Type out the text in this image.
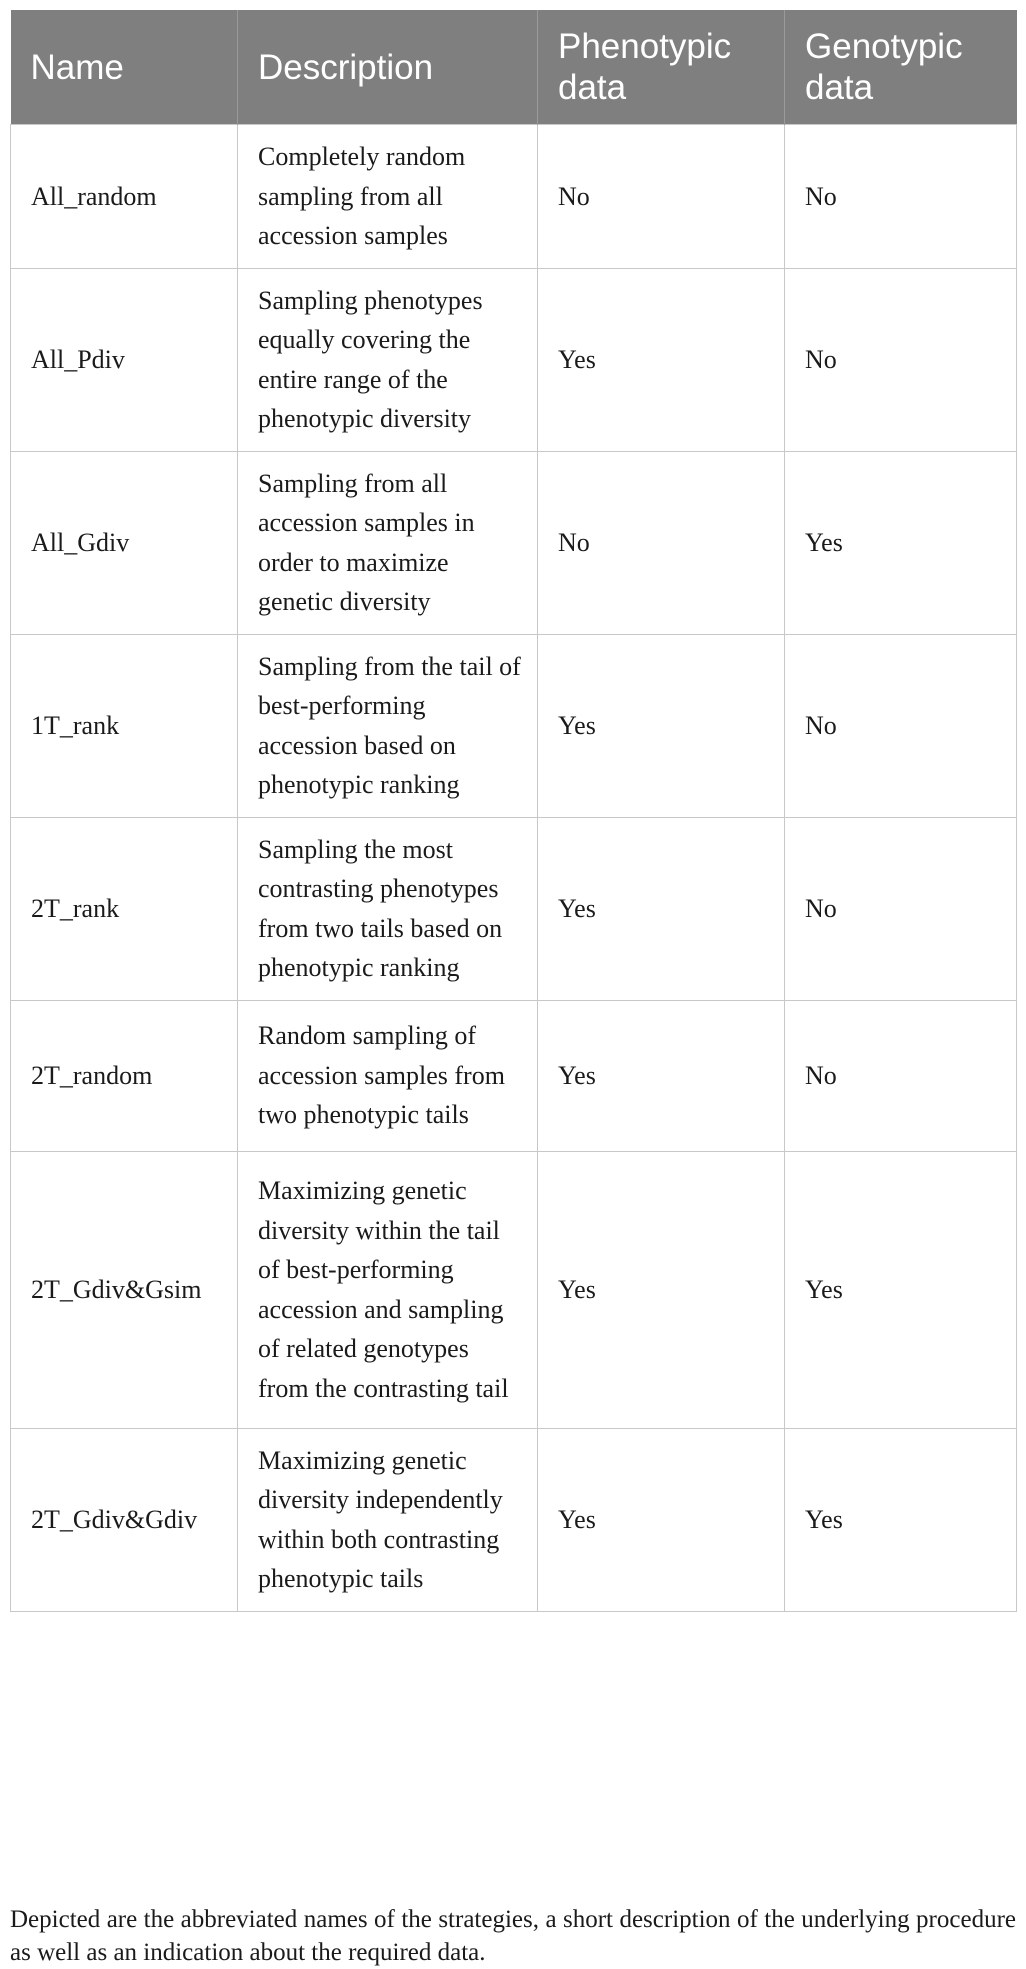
Name	Description	Phenotypic data	Genotypic data
All_random	Completely random sampling from all accession samples	No	No
All_Pdiv	Sampling phenotypes equally covering the entire range of the phenotypic diversity	Yes	No
All_Gdiv	Sampling from all accession samples in order to maximize genetic diversity	No	Yes
1T_rank	Sampling from the tail of best-performing accession based on phenotypic ranking	Yes	No
2T_rank	Sampling the most contrasting phenotypes from two tails based on phenotypic ranking	Yes	No
2T_random	Random sampling of accession samples from two phenotypic tails	Yes	No
2T_Gdiv&Gsim	Maximizing genetic diversity within the tail of best-performing accession and sampling of related genotypes from the contrasting tail	Yes	Yes
2T_Gdiv&Gdiv	Maximizing genetic diversity independently within both contrasting phenotypic tails	Yes	Yes

Depicted are the abbreviated names of the strategies, a short description of the underlying procedure as well as an indication about the required data.
